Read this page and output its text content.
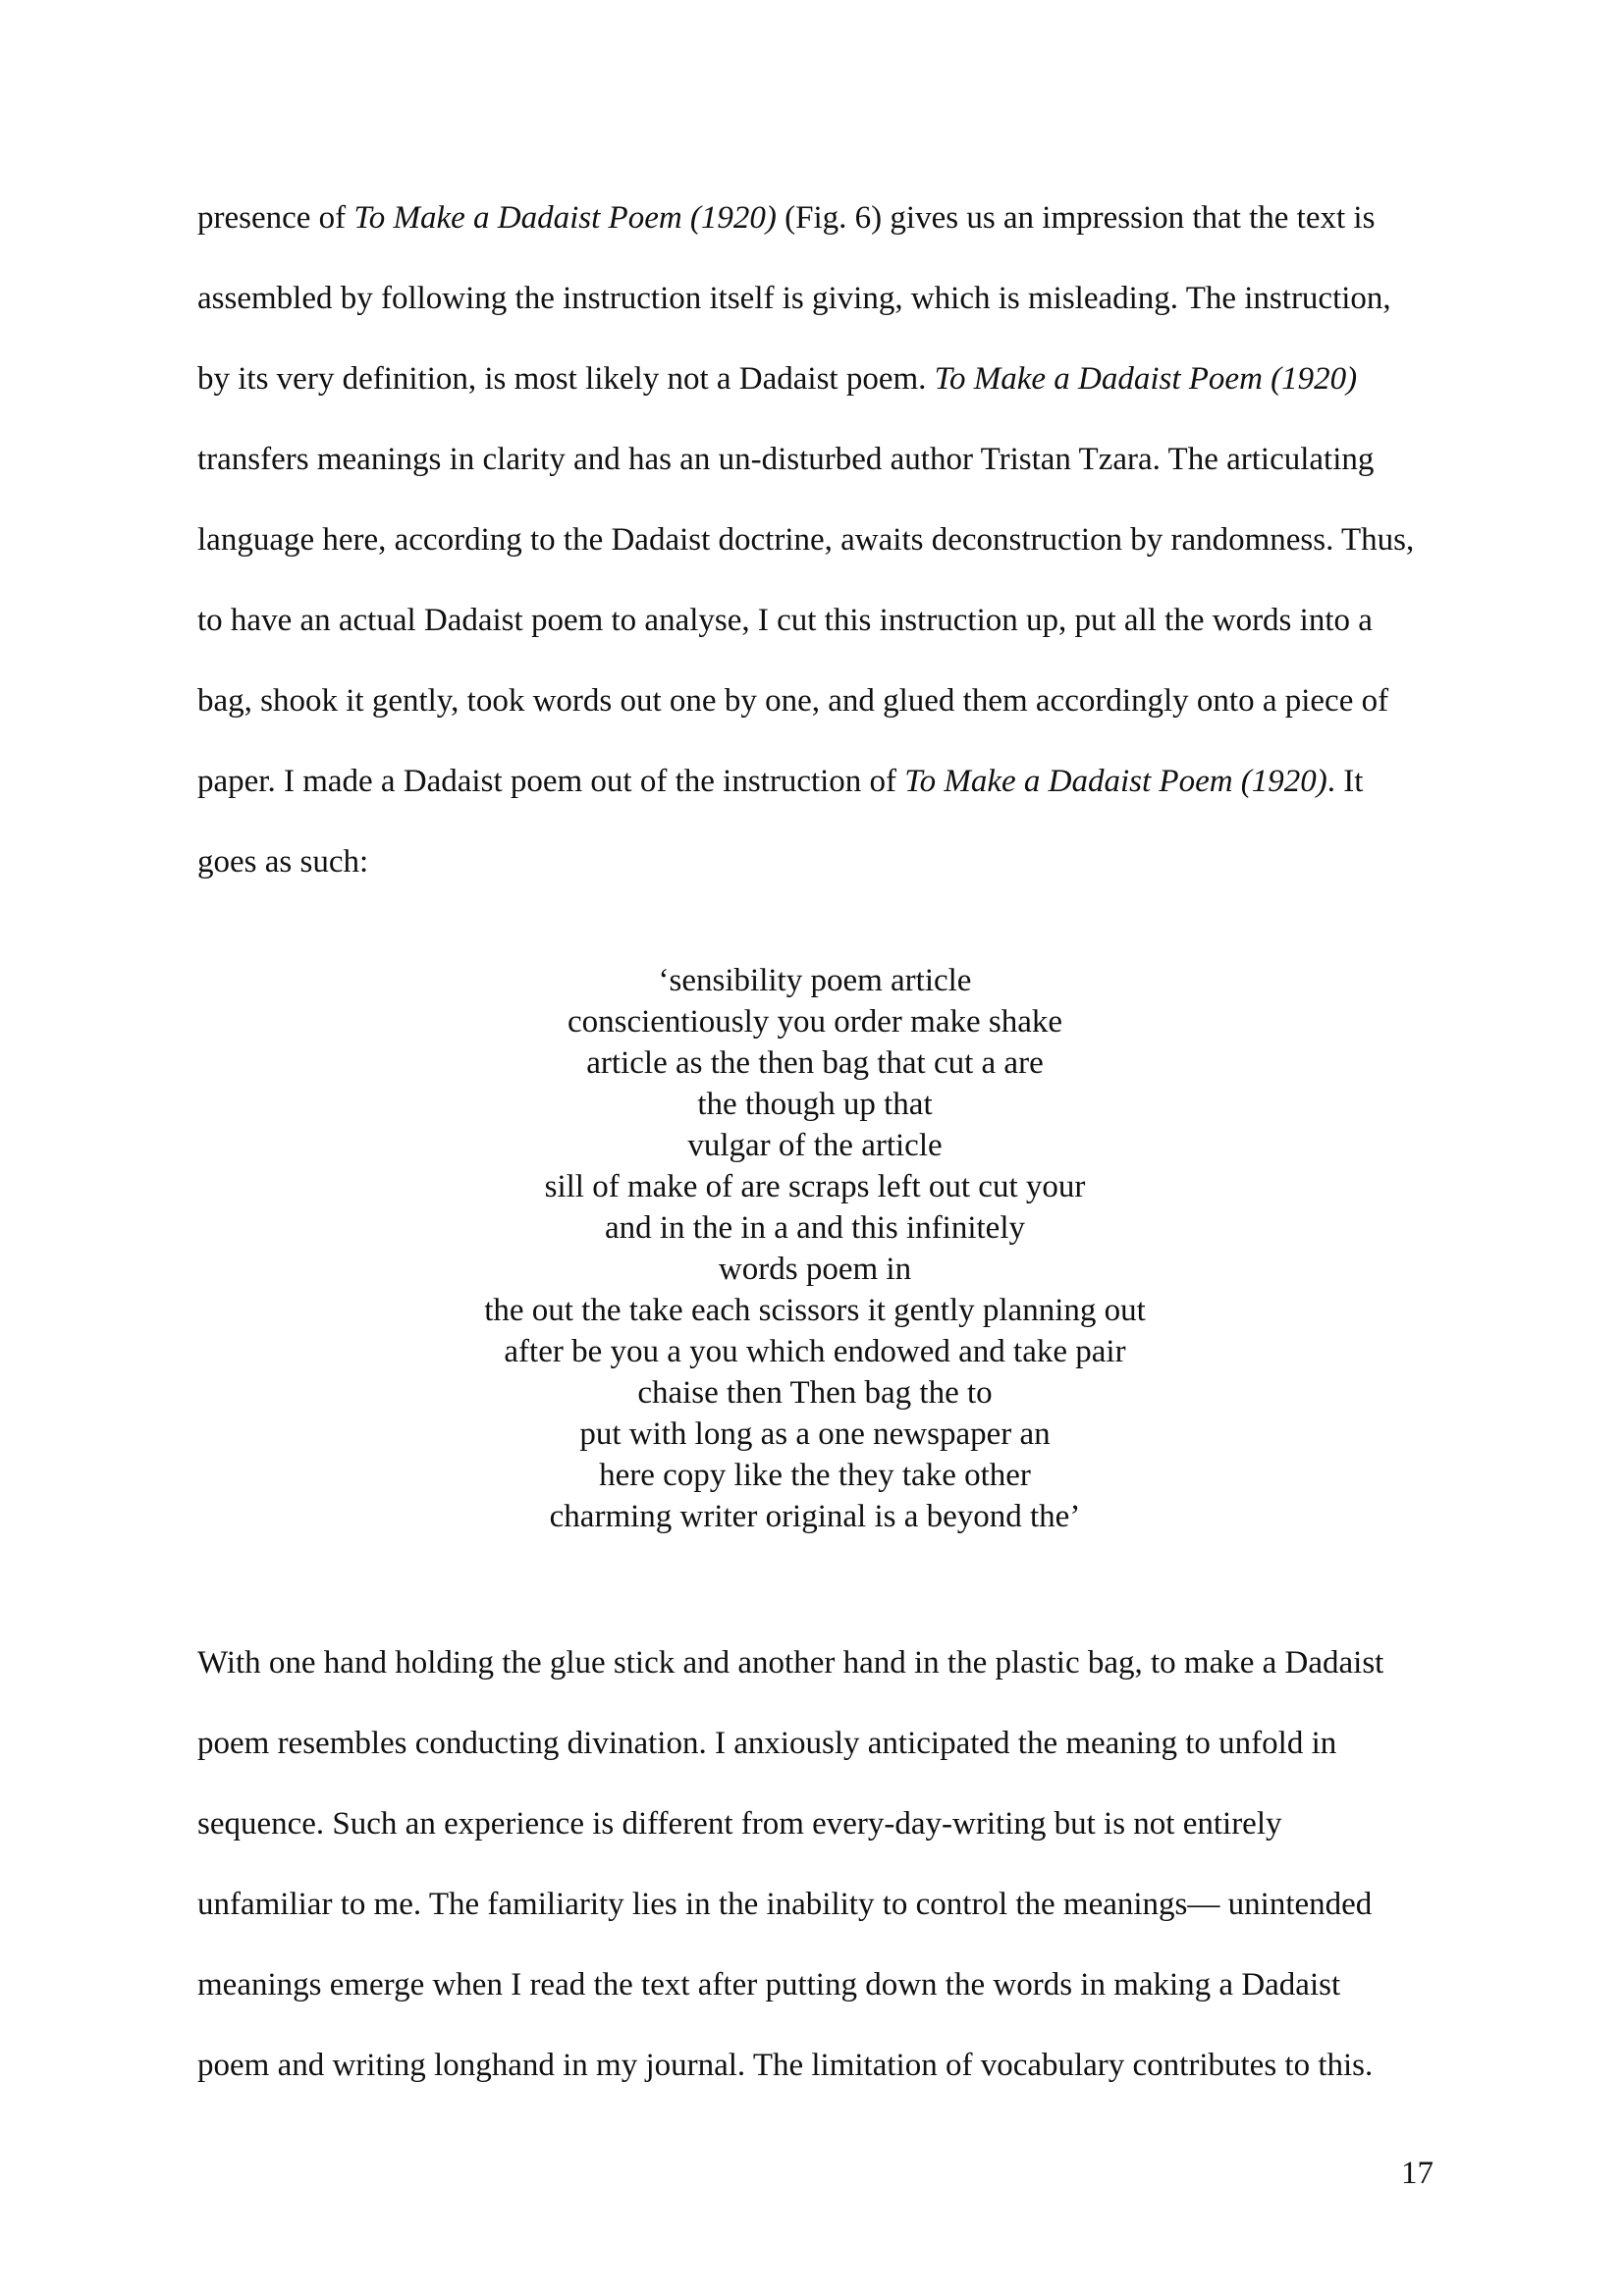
presence of To Make a Dadaist Poem (1920) (Fig. 6) gives us an impression that the text is
assembled by following the instruction itself is giving, which is misleading. The instruction,
by its very definition, is most likely not a Dadaist poem. To Make a Dadaist Poem (1920)
transfers meanings in clarity and has an un-disturbed author Tristan Tzara. The articulating
language here, according to the Dadaist doctrine, awaits deconstruction by randomness. Thus,
to have an actual Dadaist poem to analyse, I cut this instruction up, put all the words into a
bag, shook it gently, took words out one by one, and glued them accordingly onto a piece of
paper. I made a Dadaist poem out of the instruction of To Make a Dadaist Poem (1920). It
goes as such:
‘sensibility poem article
conscientiously you order make shake
article as the then bag that cut a are
the though up that
vulgar of the article
sill of make of are scraps left out cut your
and in the in a and this infinitely
words poem in
the out the take each scissors it gently planning out
after be you a you which endowed and take pair
chaise then Then bag the to
put with long as a one newspaper an
here copy like the they take other
charming writer original is a beyond the’
With one hand holding the glue stick and another hand in the plastic bag, to make a Dadaist
poem resembles conducting divination. I anxiously anticipated the meaning to unfold in
sequence. Such an experience is different from every-day-writing but is not entirely
unfamiliar to me. The familiarity lies in the inability to control the meanings— unintended
meanings emerge when I read the text after putting down the words in making a Dadaist
poem and writing longhand in my journal. The limitation of vocabulary contributes to this.
17
